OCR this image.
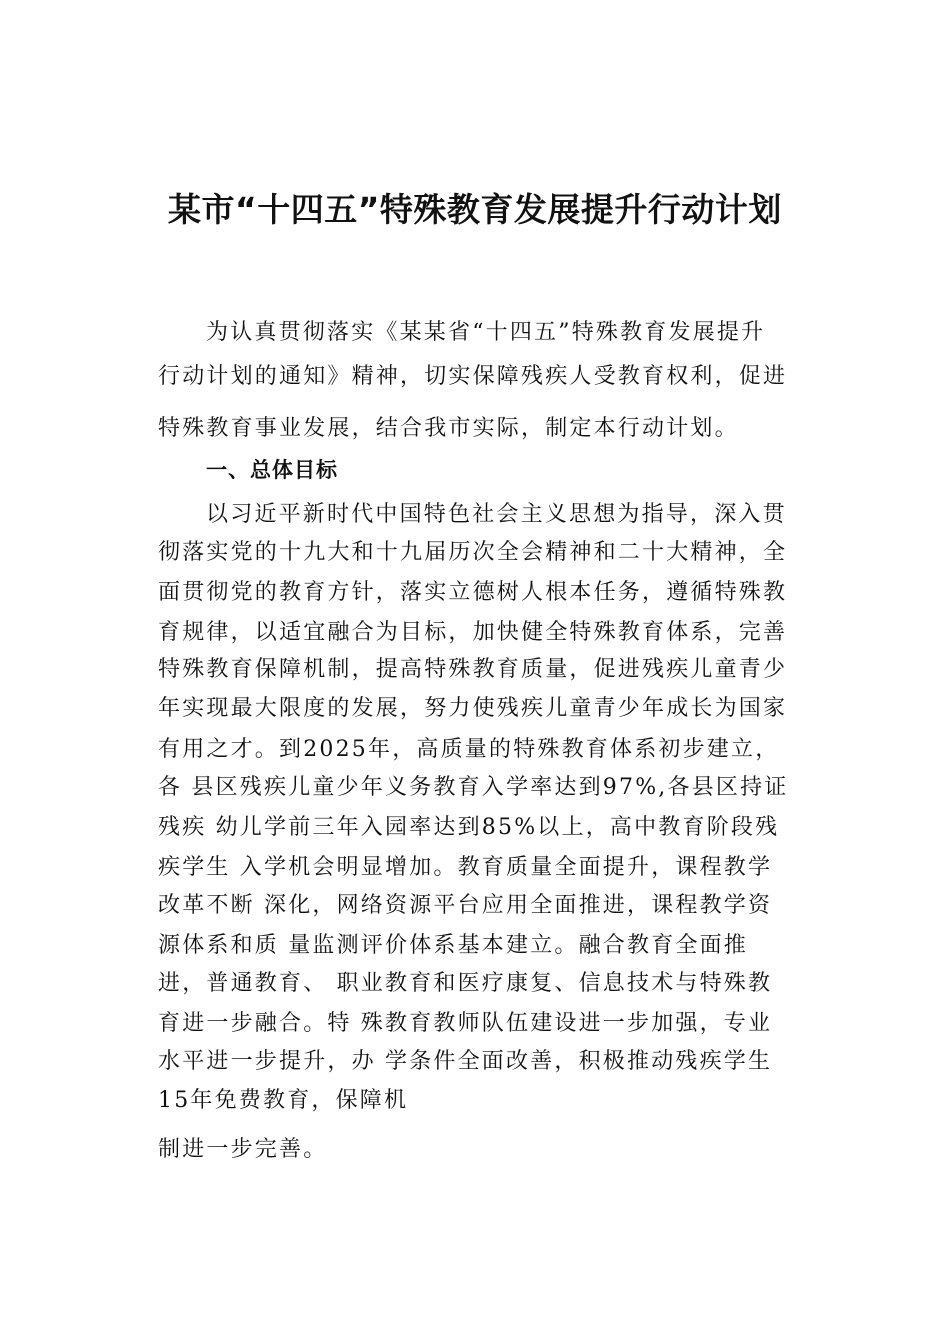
某市“十四五”特殊教育发展提升行动计划
为认真贯彻落实《某某省“十四五”特殊教育发展提升
行动计划的通知》精神，切实保障残疾人受教育权利，促进
特殊教育事业发展，结合我市实际，制定本行动计划。
一、总体目标
以习近平新时代中国特色社会主义思想为指导，深入贯
彻落实党的十九大和十九届历次全会精神和二十大精神，全
面贯彻党的教育方针，落实立德树人根本任务，遵循特殊教
育规律，以适宜融合为目标，加快健全特殊教育体系，完善
特殊教育保障机制，提高特殊教育质量，促进残疾儿童青少
年实现最大限度的发展，努力使残疾儿童青少年成长为国家
有用之才。到2025年，高质量的特殊教育体系初步建立，
各 县区残疾儿童少年义务教育入学率达到97%,各县区持证
残疾 幼儿学前三年入园率达到85%以上，高中教育阶段残
疾学生 入学机会明显增加。教育质量全面提升，课程教学
改革不断 深化，网络资源平台应用全面推进，课程教学资
源体系和质 量监测评价体系基本建立。融合教育全面推
进，普通教育、 职业教育和医疗康复、信息技术与特殊教
育进一步融合。特 殊教育教师队伍建设进一步加强，专业
水平进一步提升，办 学条件全面改善，积极推动残疾学生
15年免费教育，保障机
制进一步完善。
